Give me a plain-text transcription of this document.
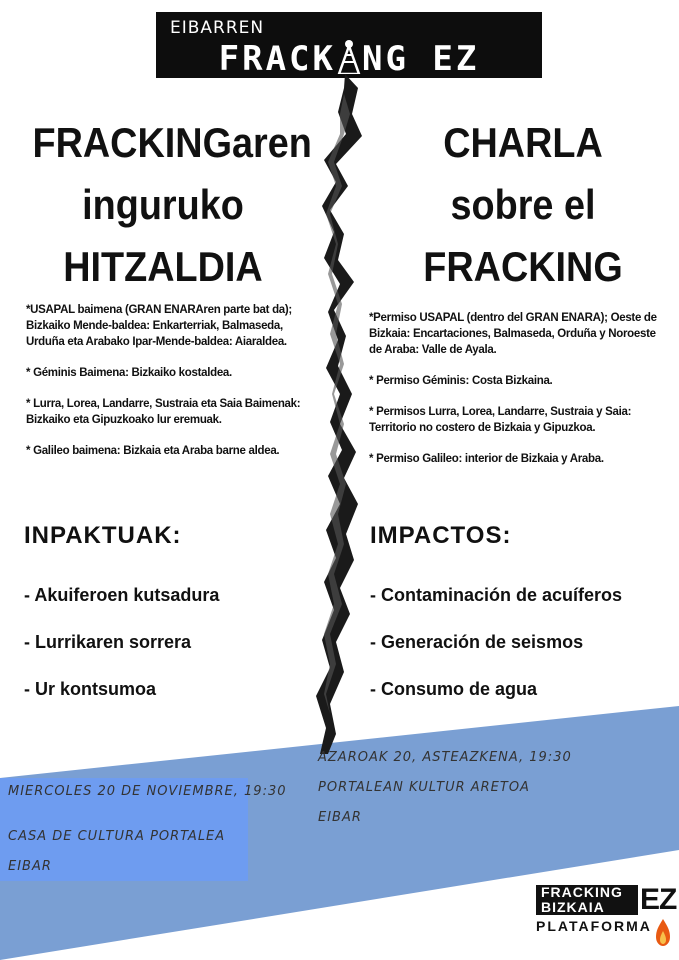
EIBARREN
FRACK NG EZ
FRACKINGaren
inguruko
HITZALDIA
CHARLA
sobre el
FRACKING

*USAPAL baimena (GRAN ENARAren parte bat da); Bizkaiko Mende-baldea: Enkarterriak, Balmaseda, Urduña eta Arabako Ipar-Mende-baldea: Aiaraldea.

* Géminis Baimena: Bizkaiko kostaldea.

* Lurra, Lorea, Landarre, Sustraia eta Saia Baimenak: Bizkaiko eta Gipuzkoako lur eremuak.

* Galileo baimena: Bizkaia eta Araba barne aldea.

*Permiso USAPAL (dentro del GRAN ENARA); Oeste de Bizkaia: Encartaciones, Balmaseda, Orduña y Noroeste de Araba: Valle de Ayala.

* Permiso Géminis: Costa Bizkaina.

* Permisos Lurra, Lorea, Landarre, Sustraia y Saia: Territorio no costero de Bizkaia y Gipuzkoa.

* Permiso Galileo: interior de Bizkaia y Araba.

INPAKTUAK:
- Akuiferoen kutsadura
- Lurrikaren sorrera
- Ur kontsumoa
IMPACTOS:
- Contaminación de acuíferos
- Generación de seismos
- Consumo de agua
MIERCOLES 20 DE NOVIEMBRE, 19:30
CASA DE CULTURA PORTALEA
EIBAR
AZAROAK 20, ASTEAZKENA, 19:30
PORTALEAN KULTUR ARETOA
EIBAR
FRACKING
BIZKAIA	EZ
PLATAFORMA
